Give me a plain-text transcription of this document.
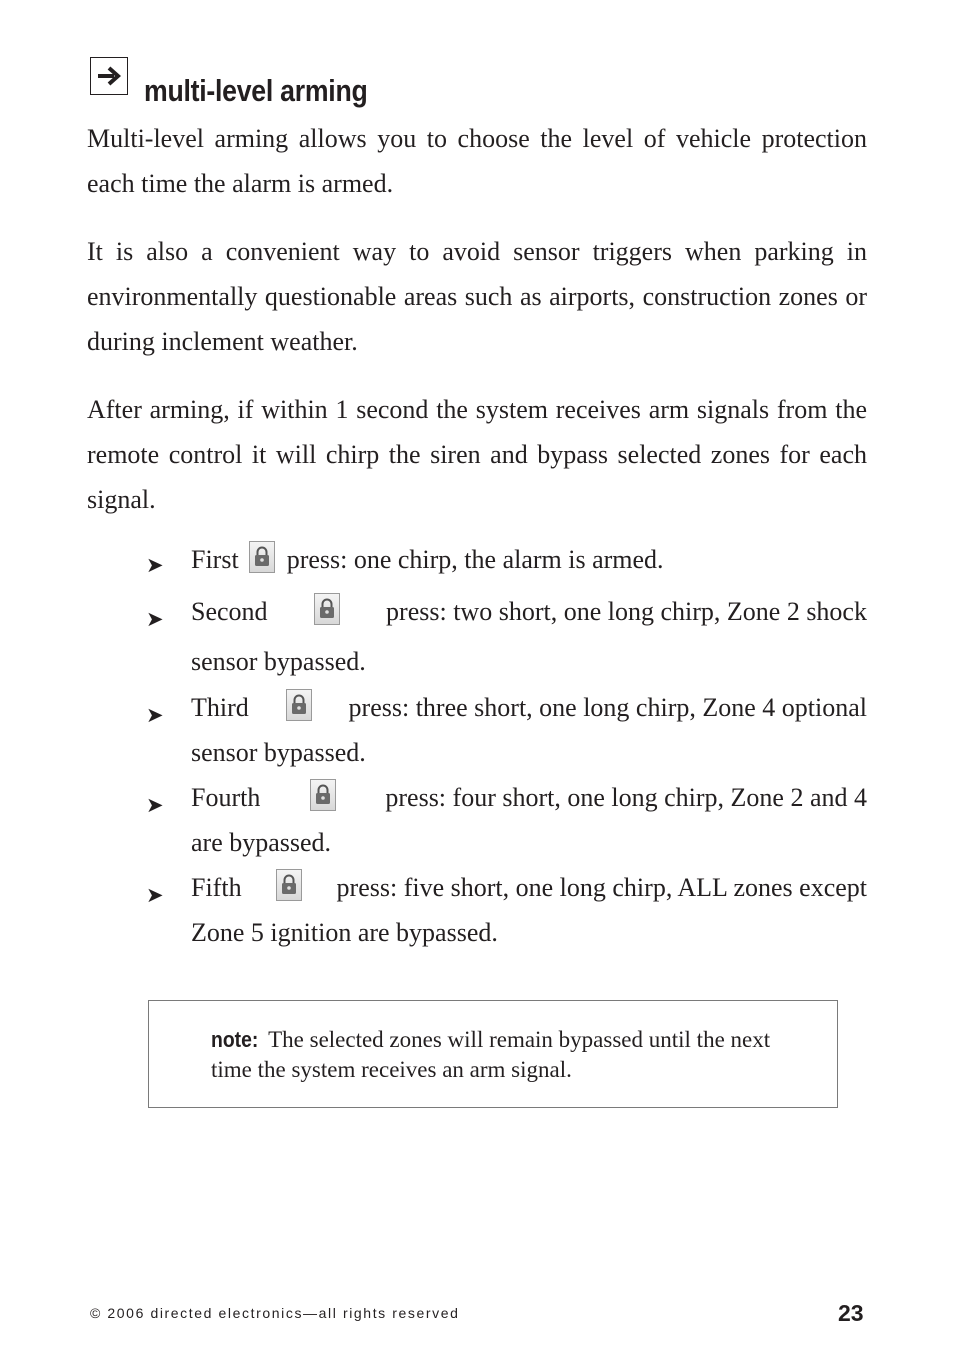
multi-level arming

Multi-level arming allows you to choose the level of vehicle protection each time the alarm is armed.

It is also a convenient way to avoid sensor triggers when parking in environmentally questionable areas such as airports, construction zones or during inclement weather.

After arming, if within 1 second the system receives arm signals from the remote control it will chirp the siren and bypass selected zones for each signal.

➤ First press: one chirp, the alarm is armed.
➤ Second	press: two short, one long chirp, Zone 2 shock
sensor bypassed.
➤ Third	press: three short, one long chirp, Zone 4 optional
sensor bypassed.
➤ Fourth	press: four short, one long chirp, Zone 2 and 4
are bypassed.
➤ Fifth	press: five short, one long chirp, ALL zones except
Zone 5 ignition are bypassed.

note: The selected zones will remain bypassed until the next time the system receives an arm signal.

© 2006 directed electronics—all rights reserved	23
